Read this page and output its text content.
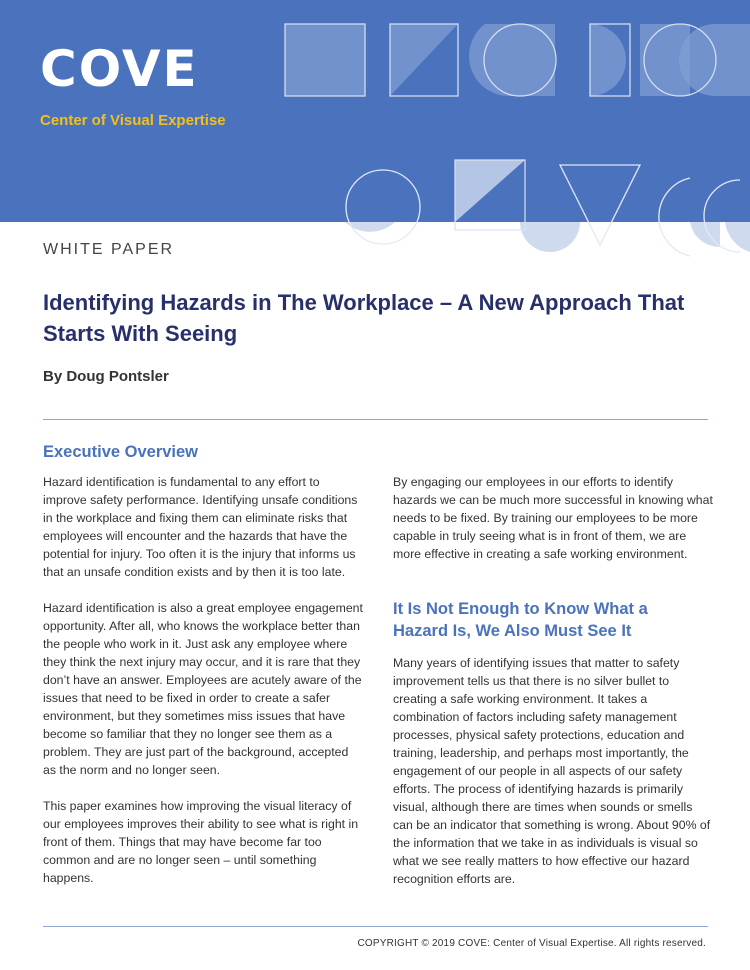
COVE
Center of Visual Expertise
WHITE PAPER
Identifying Hazards in The Workplace – A New Approach That Starts With Seeing
By Doug Pontsler
Executive Overview

Hazard identification is fundamental to any effort to improve safety performance. Identifying unsafe conditions in the workplace and fixing them can eliminate risks that employees will encounter and the hazards that have the potential for injury. Too often it is the injury that informs us that an unsafe condition exists and by then it is too late.

Hazard identification is also a great employee engagement opportunity. After all, who knows the workplace better than the people who work in it. Just ask any employee where they think the next injury may occur, and it is rare that they don’t have an answer. Employees are acutely aware of the issues that need to be fixed in order to create a safer environment, but they sometimes miss issues that have become so familiar that they no longer see them as a problem. They are just part of the background, accepted as the norm and no longer seen.

This paper examines how improving the visual literacy of our employees improves their ability to see what is right in front of them. Things that may have become far too common and are no longer seen – until something happens.

By engaging our employees in our efforts to identify hazards we can be much more successful in knowing what needs to be fixed. By training our employees to be more capable in truly seeing what is in front of them, we are more effective in creating a safe working environment.

It Is Not Enough to Know What a Hazard Is, We Also Must See It

Many years of identifying issues that matter to safety improvement tells us that there is no silver bullet to creating a safe working environment. It takes a combination of factors including safety management processes, physical safety protections, education and training, leadership, and perhaps most importantly, the engagement of our people in all aspects of our safety efforts. The process of identifying hazards is primarily visual, although there are times when sounds or smells can be an indicator that something is wrong. About 90% of the information that we take in as individuals is visual so what we see really matters to how effective our hazard recognition efforts are.

COPYRIGHT © 2019 COVE: Center of Visual Expertise. All rights reserved.
